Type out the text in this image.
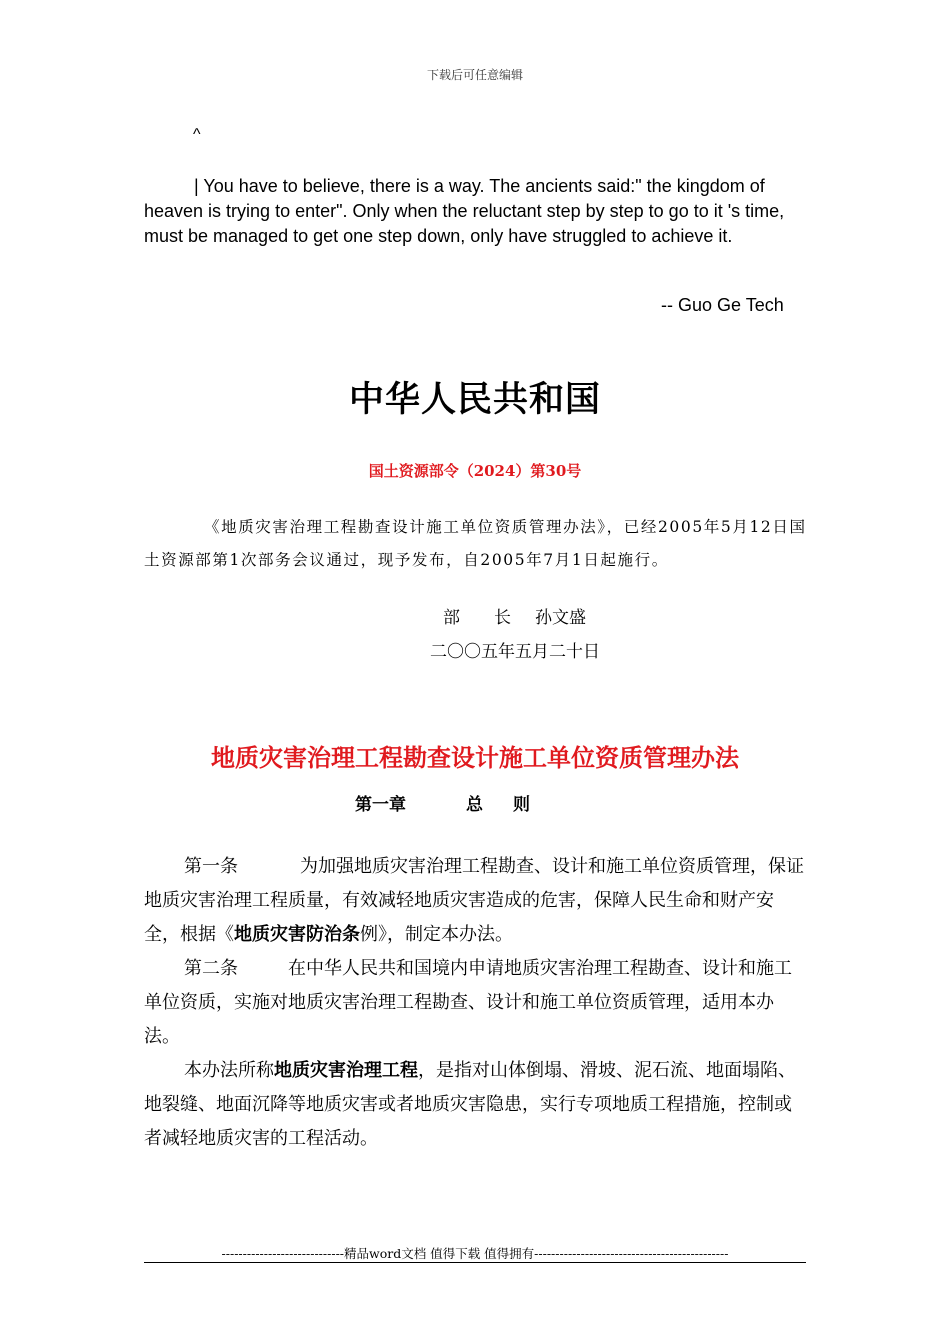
下载后可任意编辑
^
| You have to believe, there is a way. The ancients said:" the kingdom of heaven is trying to enter". Only when the reluctant step by step to go to it 's time, must be managed to get one step down, only have struggled to achieve it.
-- Guo Ge Tech
中华人民共和国
国土资源部令（2024）第30号
《地质灾害治理工程勘查设计施工单位资质管理办法》，已经2005年5月12日国土资源部第1次部务会议通过，现予发布，自2005年7月1日起施行。
部 长 孙文盛
二〇〇五年五月二十日
地质灾害治理工程勘查设计施工单位资质管理办法
第一章	总 则
第一条	为加强地质灾害治理工程勘查、设计和施工单位资质管理，保证地质灾害治理工程质量，有效减轻地质灾害造成的危害，保障人民生命和财产安全，根据《地质灾害防治条例》，制定本办法。
第二条	在中华人民共和国境内申请地质灾害治理工程勘查、设计和施工单位资质，实施对地质灾害治理工程勘查、设计和施工单位资质管理，适用本办法。
本办法所称地质灾害治理工程，是指对山体倒塌、滑坡、泥石流、地面塌陷、地裂缝、地面沉降等地质灾害或者地质灾害隐患，实行专项地质工程措施，控制或者减轻地质灾害的工程活动。
-----------------------------精品word文档 值得下载 值得拥有----------------------------------------------
